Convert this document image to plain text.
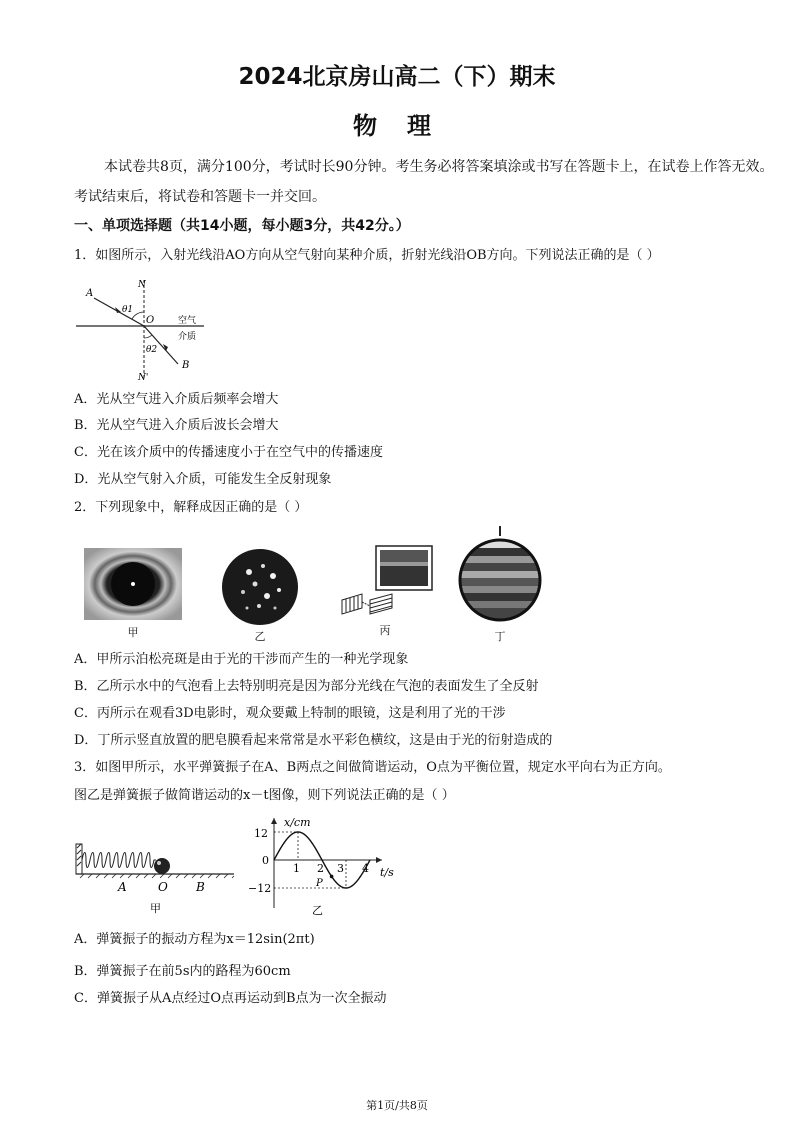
2024北京房山高二（下）期末
物理
本试卷共8页，满分100分，考试时长90分钟。考生务必将答案填涂或书写在答题卡上，在试卷上作答无效。考试结束后，将试卷和答题卡一并交回。
一、单项选择题（共14小题，每小题3分，共42分。）
1．如图所示，入射光线沿AO方向从空气射向某种介质，折射光线沿OB方向。下列说法正确的是（ ）
A
N
θ1
O	空气
介质
θ2
B
N'
A．光从空气进入介质后频率会增大
B．光从空气进入介质后波长会增大
C．光在该介质中的传播速度小于在空气中的传播速度
D．光从空气射入介质，可能发生全反射现象
2．下列现象中，解释成因正确的是（ ）
甲	乙	丙	丁
A．甲所示泊松亮斑是由于光的干涉而产生的一种光学现象
B．乙所示水中的气泡看上去特别明亮是因为部分光线在气泡的表面发生了全反射
C．丙所示在观看3D电影时，观众要戴上特制的眼镜，这是利用了光的干涉
D．丁所示竖直放置的肥皂膜看起来常常是水平彩色横纹，这是由于光的衍射造成的
3．如图甲所示，水平弹簧振子在A、B两点之间做简谐运动，O点为平衡位置，规定水平向右为正方向。
图乙是弹簧振子做简谐运动的x－t图像，则下列说法正确的是（ ）
A	O B
甲
x/cm
t/s
12
0
−12
1 2 3 4
P
乙
A．弹簧振子的振动方程为x＝12sin(2πt)
B．弹簧振子在前5s内的路程为60cm
C．弹簧振子从A点经过O点再运动到B点为一次全振动
第1页/共8页
